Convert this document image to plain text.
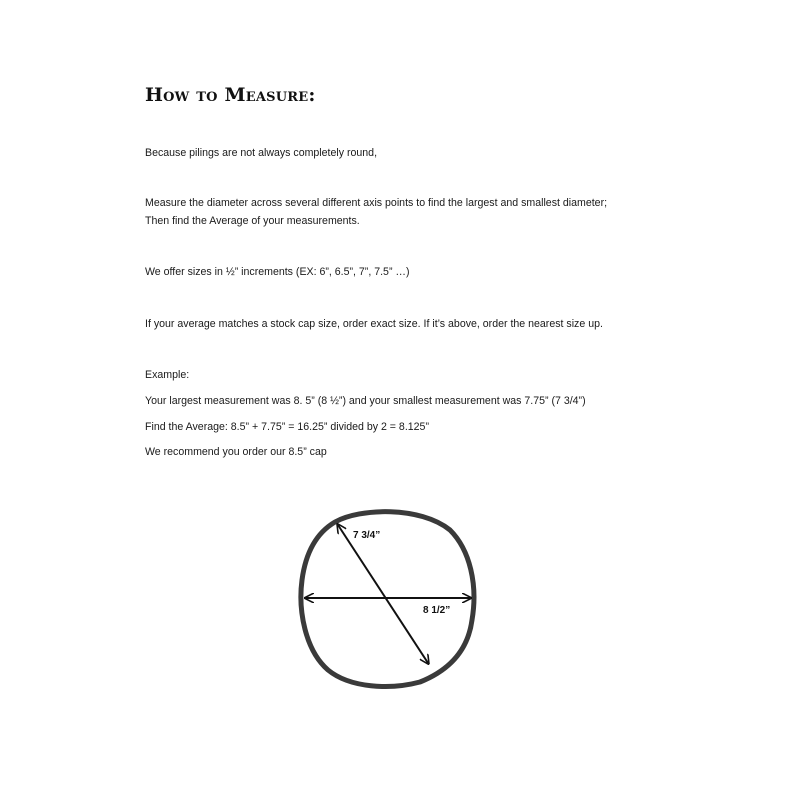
How to Measure:
Because pilings are not always completely round,
Measure the diameter across several different axis points to find the largest and smallest diameter;
Then find the Average of your measurements.
We offer sizes in ½” increments (EX: 6”, 6.5”, 7”, 7.5” …)
If your average matches a stock cap size, order exact size. If it’s above, order the nearest size up.
Example:
Your largest measurement was 8. 5” (8 ½”) and your smallest measurement was 7.75” (7 3/4”)
Find the Average: 8.5” + 7.75” = 16.25” divided by 2 = 8.125”
We recommend you order our 8.5” cap
7 3/4”
8 1/2”
